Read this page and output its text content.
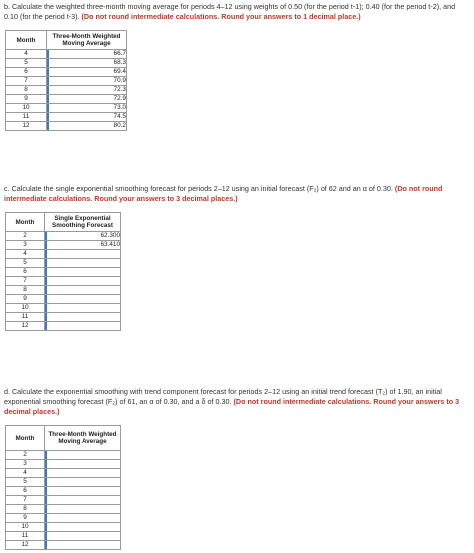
b. Calculate the weighted three-month moving average for periods 4–12 using weights of 0.50 (for the period t-1); 0.40 (for the period t-2), and 0.10 (for the period t-3). (Do not round intermediate calculations. Round your answers to 1 decimal place.)
Month	Three-Month Weighted Moving Average
4	66.7

5	68.3

6	69.4

7	70.9

8	72.3

9	72.9

10	73.0

11	74.5

12	80.2
c. Calculate the single exponential smoothing forecast for periods 2–12 using an initial forecast (F₂) of 62 and an α of 0.30. (Do not round intermediate calculations. Round your answers to 3 decimal places.)
Month	Single Exponential Smoothing Forecast
2	62.300

3	63.410

4	

5	

6	

7	

8	

9	

10	

11	

12	
d. Calculate the exponential smoothing with trend component forecast for periods 2–12 using an initial trend forecast (T₂) of 1.90, an initial exponential smoothing forecast (F₂) of 61, an α of 0.30, and a δ of 0.30. (Do not round intermediate calculations. Round your answers to 3 decimal places.)
Month	Three-Month Weighted Moving Average
2	

3	

4	

5	

6	

7	

8	

9	

10	

11	

12	
